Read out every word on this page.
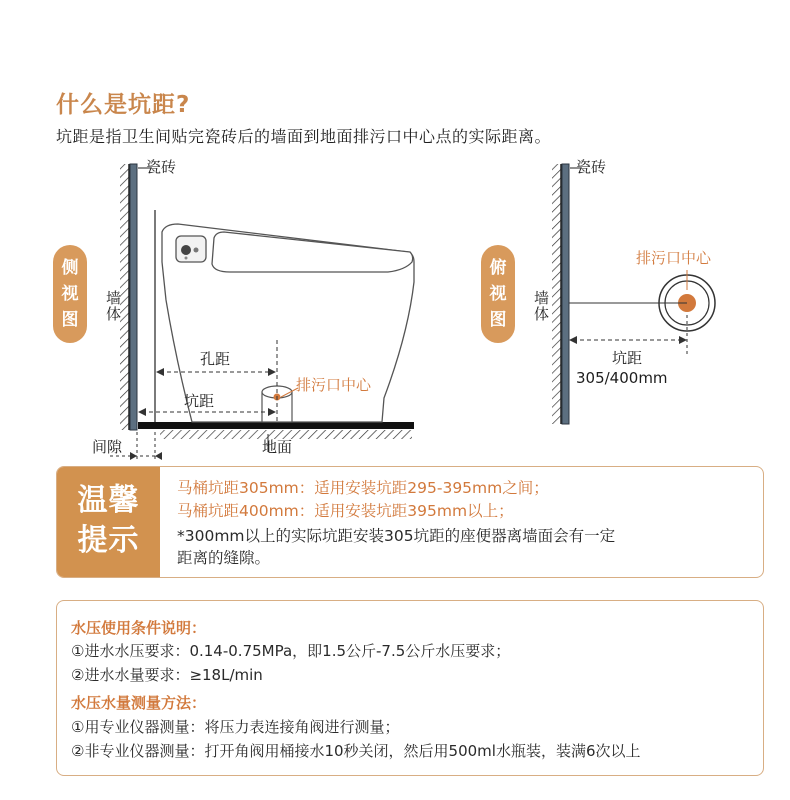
什么是坑距?
坑距是指卫生间贴完瓷砖后的墙面到地面排污口中心点的实际距离。
侧
视
图
瓷砖
墙
体
孔距
坑距
排污口中心
间隙	地面
俯
视
图
瓷砖
墙
体
排污口中心
坑距
305/400mm
温馨
提示
马桶坑距305mm：适用安装坑距295-395mm之间；
马桶坑距400mm：适用安装坑距395mm以上；
*300mm以上的实际坑距安装305坑距的座便器离墙面会有一定
距离的缝隙。
水压使用条件说明：
①进水水压要求：0.14-0.75MPa，即1.5公斤-7.5公斤水压要求；
②进水水量要求：≥18L/min
水压水量测量方法：
①用专业仪器测量：将压力表连接角阀进行测量；
②非专业仪器测量：打开角阀用桶接水10秒关闭，然后用500ml水瓶装，装满6次以上
